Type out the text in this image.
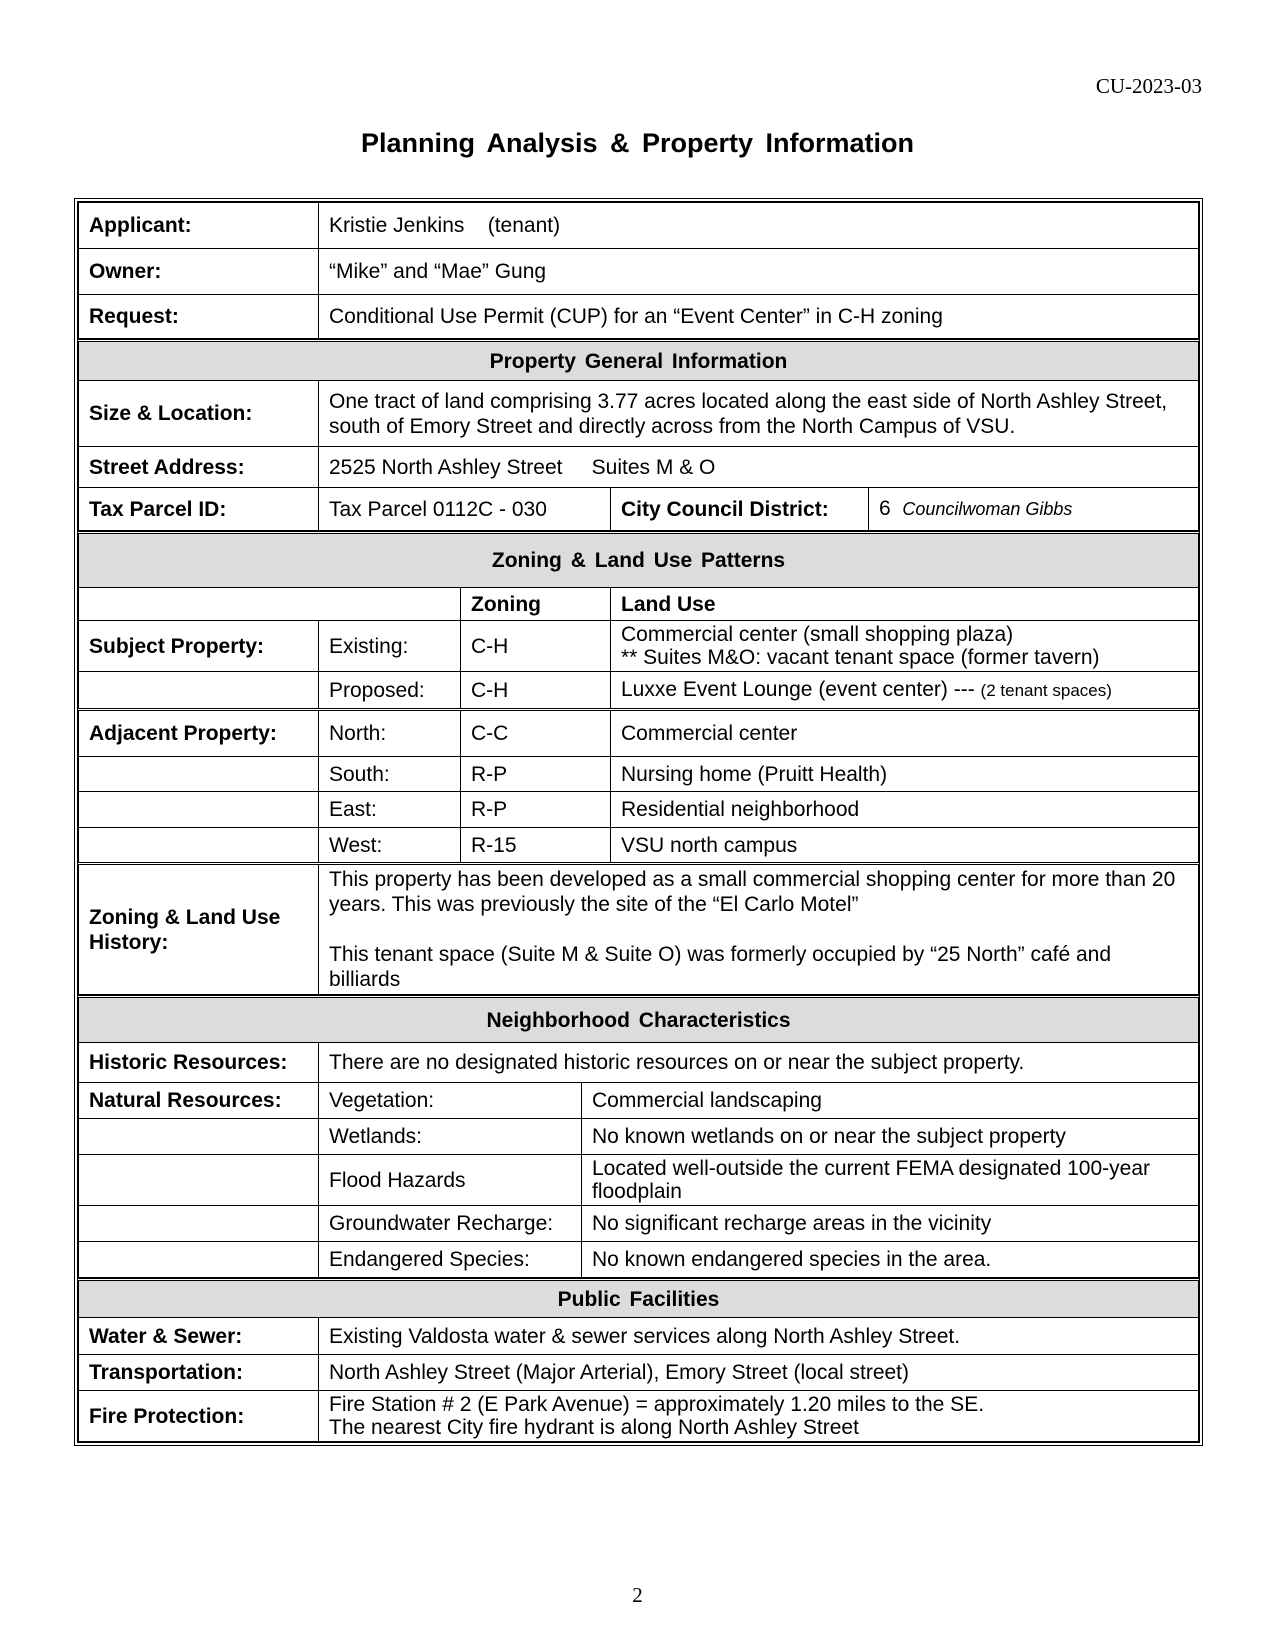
CU-2023-03
Planning Analysis & Property Information
Applicant:	Kristie Jenkins (tenant)
Owner:	“Mike” and “Mae” Gung
Request:	Conditional Use Permit (CUP) for an “Event Center” in C-H zoning
Property General Information			
Size & Location:	One tract of land comprising 3.77 acres located along the east side of North Ashley Street, south of Emory Street and directly across from the North Campus of VSU.		
Street Address:	2525 North Ashley Street Suites M & O		
Tax Parcel ID:	Tax Parcel 0112C - 030	City Council District:	6 Councilwoman Gibbs
Zoning & Land Use Patterns			
		Zoning	Land Use
Subject Property:	Existing:	C-H	Commercial center (small shopping plaza)
** Suites M&O: vacant tenant space (former tavern)

	Proposed:	C-H	Luxxe Event Lounge (event center) --- (2 tenant spaces)
Adjacent Property:	North:	C-C	Commercial center
	South:	R-P	Nursing home (Pruitt Health)
	East:	R-P	Residential neighborhood
	West:	R-15	VSU north campus
Zoning & Land Use History:	This property has been developed as a small commercial shopping center for more than 20 years. This was previously the site of the “El Carlo Motel”
This tenant space (Suite M & Suite O) was formerly occupied by “25 North” café and billiards		
Neighborhood Characteristics		
Historic Resources:	There are no designated historic resources on or near the subject property.	
Natural Resources:	Vegetation:	Commercial landscaping
	Wetlands:	No known wetlands on or near the subject property
	Flood Hazards	Located well-outside the current FEMA designated 100-year floodplain
	Groundwater Recharge:	No significant recharge areas in the vicinity
	Endangered Species:	No known endangered species in the area.
Public Facilities	
Water & Sewer:	Existing Valdosta water & sewer services along North Ashley Street.
Transportation:	North Ashley Street (Major Arterial), Emory Street (local street)
Fire Protection:	Fire Station # 2 (E Park Avenue) = approximately 1.20 miles to the SE.
The nearest City fire hydrant is along North Ashley Street
2
